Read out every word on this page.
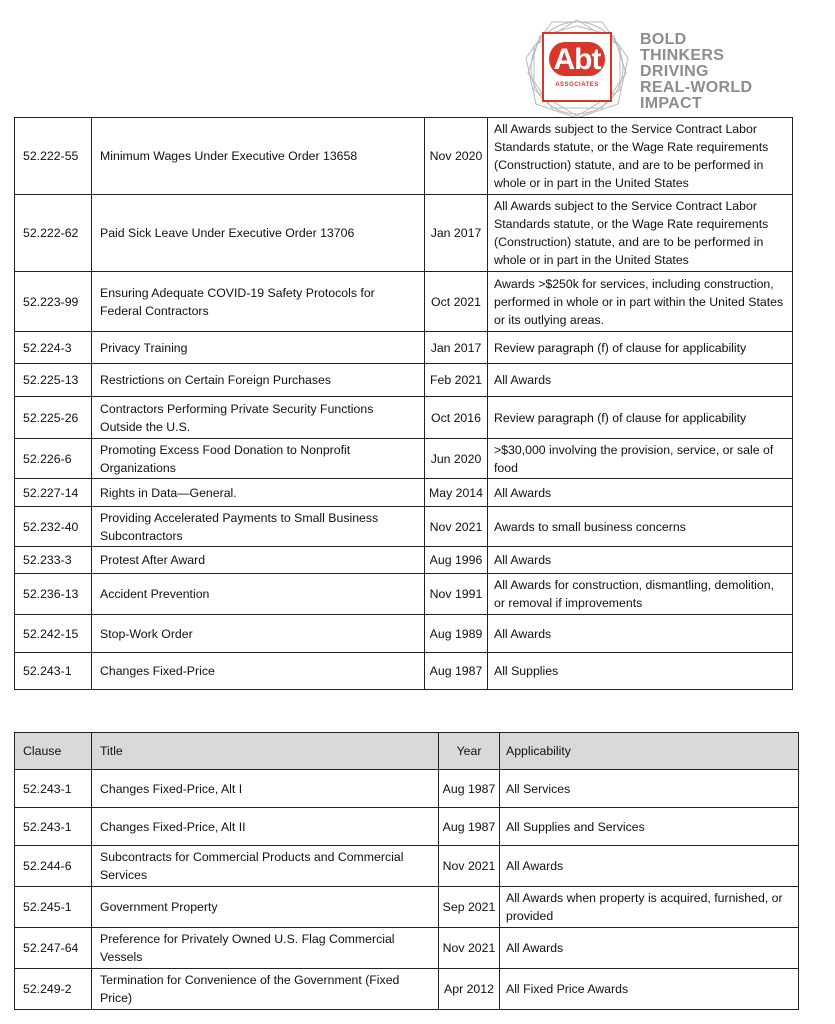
Abt
ASSOCIATES
BOLD
THINKERS
DRIVING
REAL-WORLD
IMPACT
52.222-55	Minimum Wages Under Executive Order 13658	Nov 2020	All Awards subject to the Service Contract Labor Standards statute, or the Wage Rate requirements (Construction) statute, and are to be performed in whole or in part in the United States
52.222-62	Paid Sick Leave Under Executive Order 13706	Jan 2017	All Awards subject to the Service Contract Labor Standards statute, or the Wage Rate requirements (Construction) statute, and are to be performed in whole or in part in the United States
52.223-99	Ensuring Adequate COVID-19 Safety Protocols for Federal Contractors	Oct 2021	Awards >$250k for services, including construction, performed in whole or in part within the United States or its outlying areas.
52.224-3	Privacy Training	Jan 2017	Review paragraph (f) of clause for applicability
52.225-13	Restrictions on Certain Foreign Purchases	Feb 2021	All Awards
52.225-26	Contractors Performing Private Security Functions Outside the U.S.	Oct 2016	Review paragraph (f) of clause for applicability
52.226-6	Promoting Excess Food Donation to Nonprofit Organizations	Jun 2020	>$30,000 involving the provision, service, or sale of food
52.227-14	Rights in Data—General.	May 2014	All Awards
52.232-40	Providing Accelerated Payments to Small Business Subcontractors	Nov 2021	Awards to small business concerns
52.233-3	Protest After Award	Aug 1996	All Awards
52.236-13	Accident Prevention	Nov 1991	All Awards for construction, dismantling, demolition, or removal if improvements
52.242-15	Stop-Work Order	Aug 1989	All Awards
52.243-1	Changes Fixed-Price	Aug 1987	All Supplies
Clause	Title	Year	Applicability
52.243-1	Changes Fixed-Price, Alt I	Aug 1987	All Services
52.243-1	Changes Fixed-Price, Alt II	Aug 1987	All Supplies and Services
52.244-6	Subcontracts for Commercial Products and Commercial Services	Nov 2021	All Awards
52.245-1	Government Property	Sep 2021	All Awards when property is acquired, furnished, or provided
52.247-64	Preference for Privately Owned U.S. Flag Commercial Vessels	Nov 2021	All Awards
52.249-2	Termination for Convenience of the Government (Fixed Price)	Apr 2012	All Fixed Price Awards
